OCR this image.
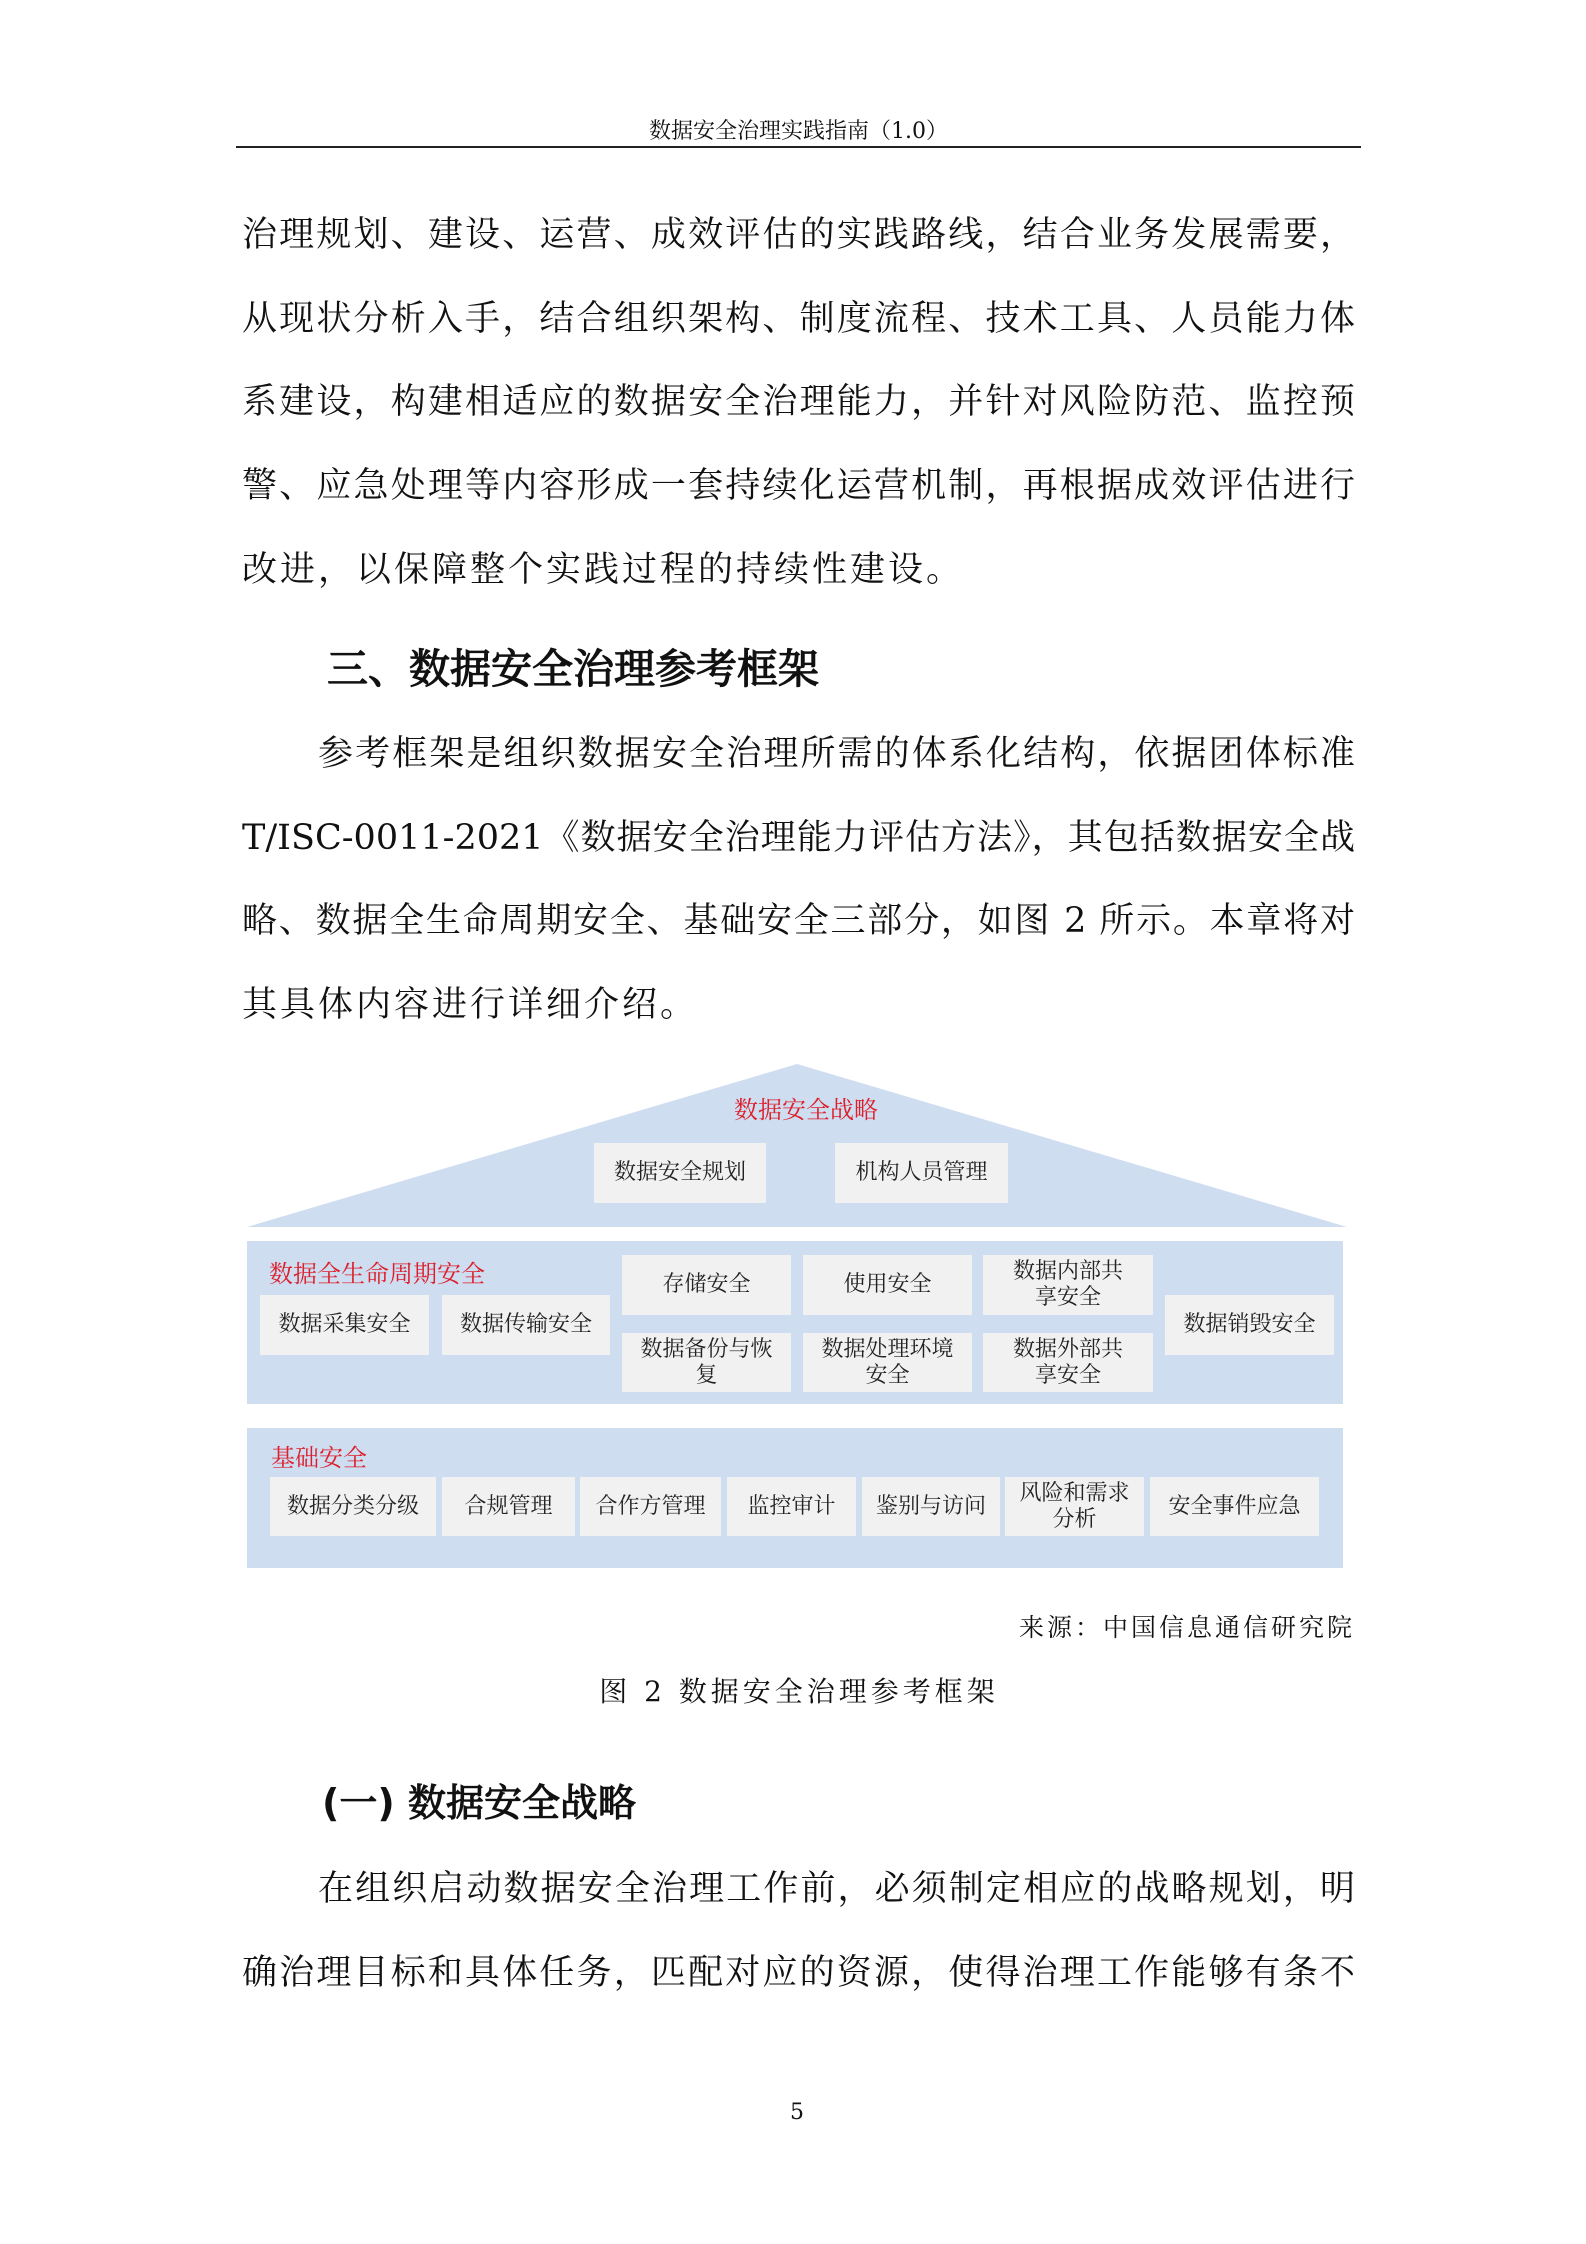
数据安全治理实践指南（1.0）
治理规划、建设、运营、成效评估的实践路线，结合业务发展需要，
从现状分析入手，结合组织架构、制度流程、技术工具、人员能力体
系建设，构建相适应的数据安全治理能力，并针对风险防范、监控预
警、应急处理等内容形成一套持续化运营机制，再根据成效评估进行
改进，以保障整个实践过程的持续性建设。
三、数据安全治理参考框架
参考框架是组织数据安全治理所需的体系化结构，依据团体标准
T/ISC-0011-2021《数据安全治理能力评估方法》，其包括数据安全战
略、数据全生命周期安全、基础安全三部分，如图 2 所示。本章将对
其具体内容进行详细介绍。
数据安全战略
数据安全规划	机构人员管理
数据全生命周期安全
数据采集安全	数据传输安全
存储安全	使用安全
数据内部共享安全
数据备份与恢复
数据处理环境安全
数据外部共享安全
数据销毁安全
基础安全
数据分类分级	合规管理	合作方管理	监控审计	鉴别与访问
风险和需求分析
安全事件应急
来源：中国信息通信研究院
图 2 数据安全治理参考框架
(一) 数据安全战略
在组织启动数据安全治理工作前，必须制定相应的战略规划，明
确治理目标和具体任务，匹配对应的资源，使得治理工作能够有条不
5
